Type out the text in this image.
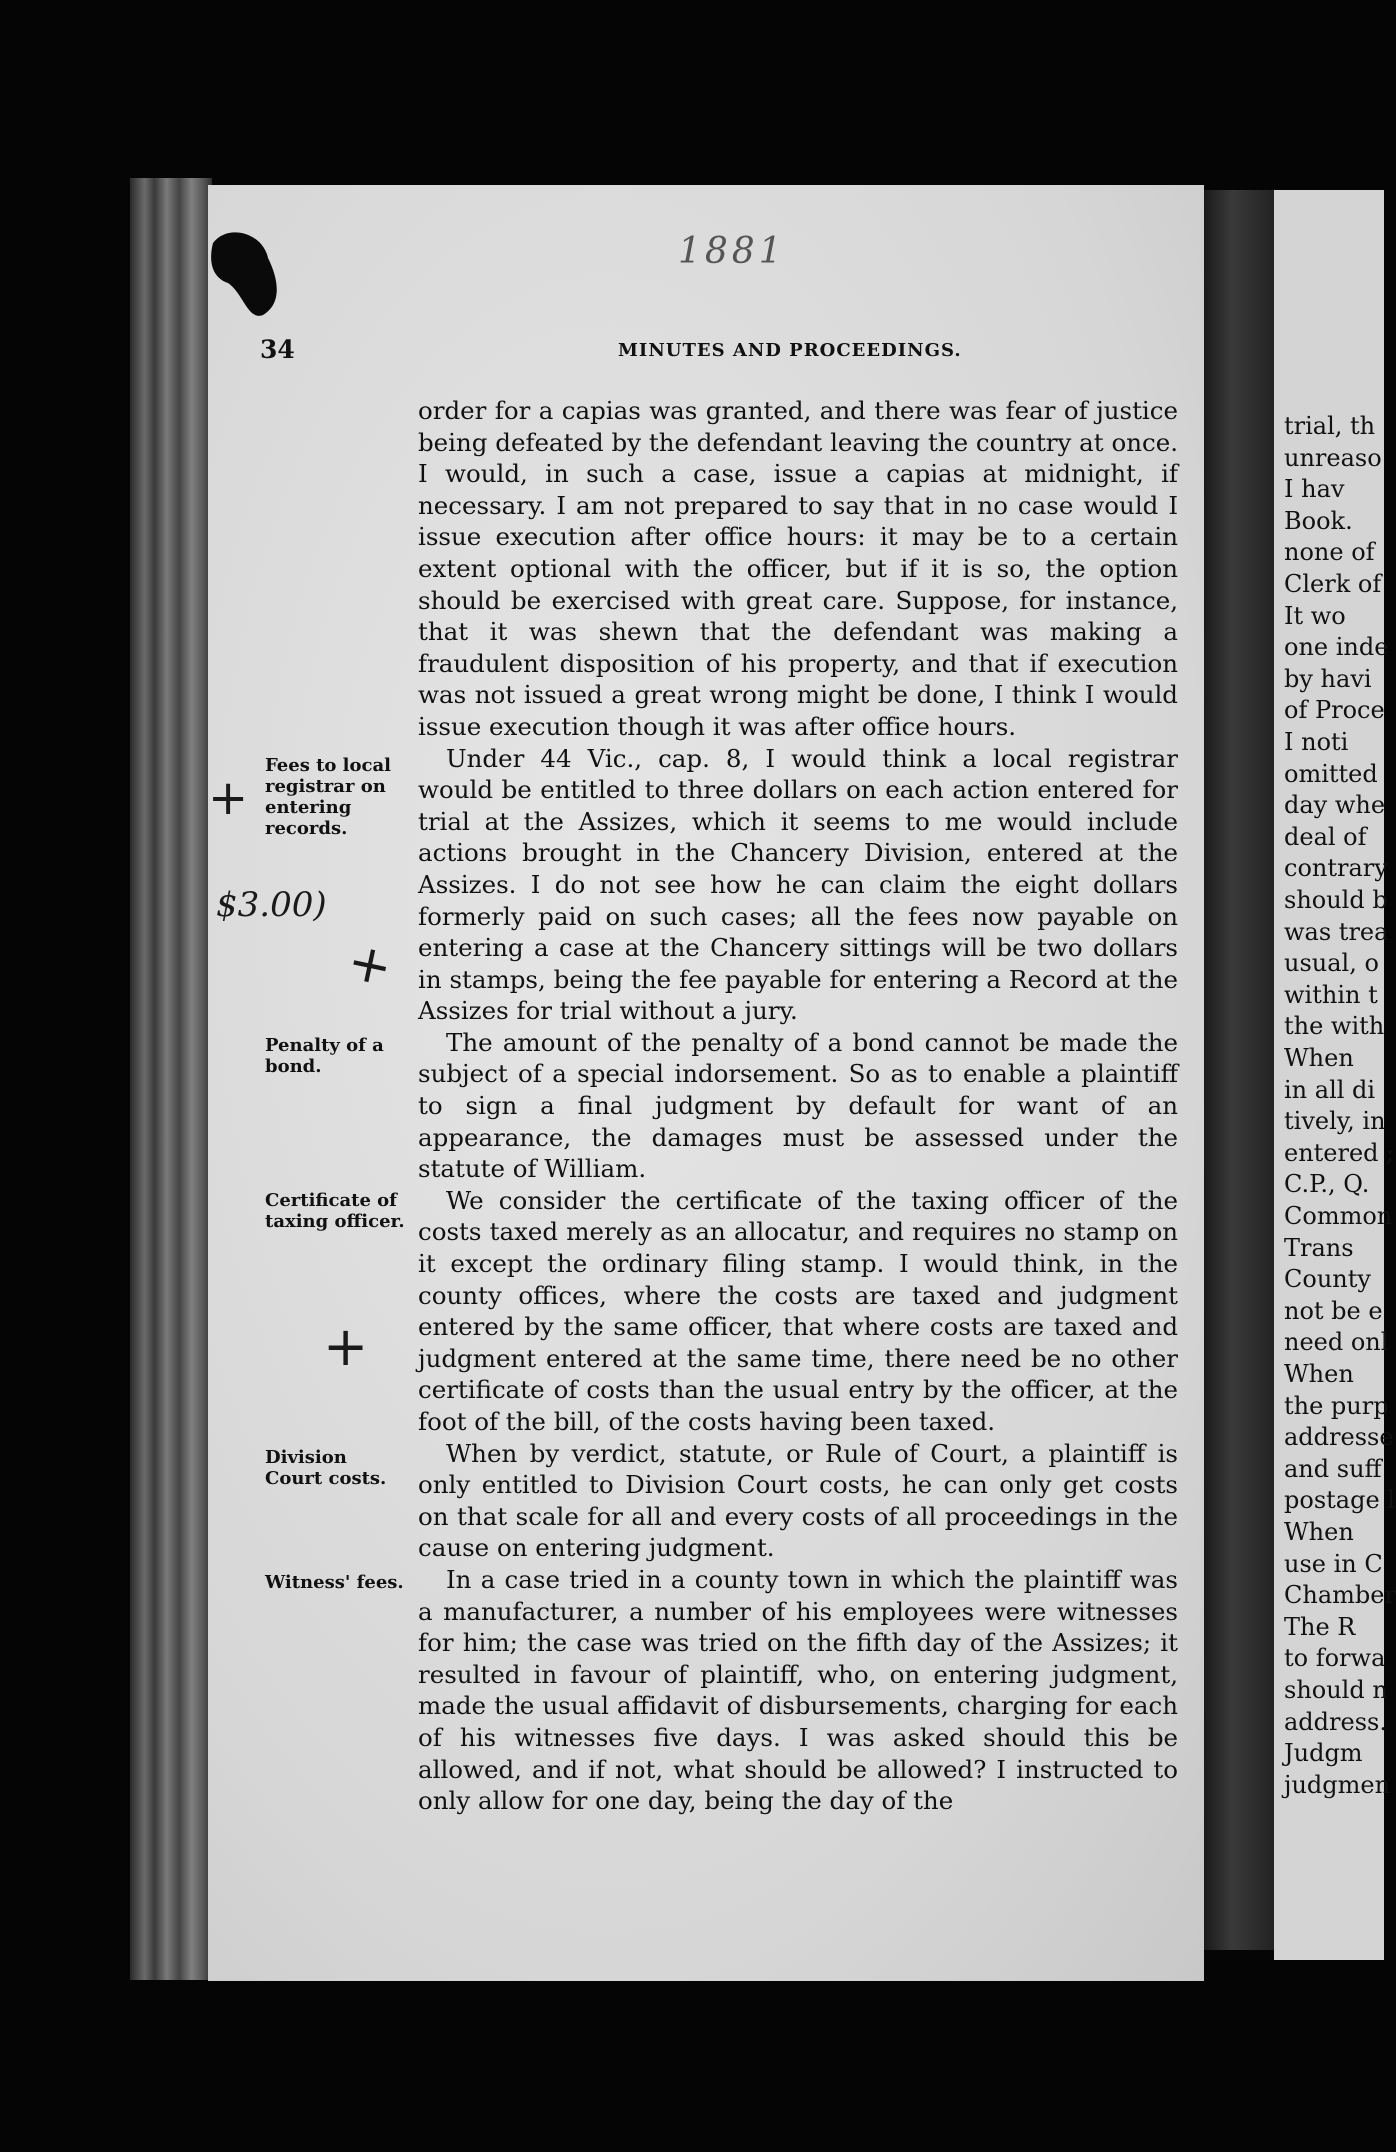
1881
34	MINUTES AND PROCEEDINGS.
Fees to local registrar on entering records.
Penalty of a bond.
Certificate of taxing officer.
Division Court costs.
Witness' fees.
+
$3.00)
+
+

order for a capias was granted, and there was fear of justice being defeated by the defendant leaving the country at once. I would, in such a case, issue a capias at midnight, if necessary. I am not prepared to say that in no case would I issue execution after office hours: it may be to a certain extent optional with the officer, but if it is so, the option should be exercised with great care. Suppose, for instance, that it was shewn that the defendant was making a fraudulent disposition of his property, and that if execution was not issued a great wrong might be done, I think I would issue execution though it was after office hours.

Under 44 Vic., cap. 8, I would think a local registrar would be entitled to three dollars on each action entered for trial at the Assizes, which it seems to me would include actions brought in the Chancery Division, entered at the Assizes. I do not see how he can claim the eight dollars formerly paid on such cases; all the fees now payable on entering a case at the Chancery sittings will be two dollars in stamps, being the fee payable for entering a Record at the Assizes for trial without a jury.

The amount of the penalty of a bond cannot be made the subject of a special indorsement. So as to enable a plaintiff to sign a final judgment by default for want of an appearance, the damages must be assessed under the statute of William.

We consider the certificate of the taxing officer of the costs taxed merely as an allocatur, and requires no stamp on it except the ordinary filing stamp. I would think, in the county offices, where the costs are taxed and judgment entered by the same officer, that where costs are taxed and judgment entered at the same time, there need be no other certificate of costs than the usual entry by the officer, at the foot of the bill, of the costs having been taxed.

When by verdict, statute, or Rule of Court, a plaintiff is only entitled to Division Court costs, he can only get costs on that scale for all and every costs of all proceedings in the cause on entering judgment.

In a case tried in a county town in which the plaintiff was a manufacturer, a number of his employees were witnesses for him; the case was tried on the fifth day of the Assizes; it resulted in favour of plaintiff, who, on entering judgment, made the usual affidavit of disbursements, charging for each of his witnesses five days. I was asked should this be allowed, and if not, what should be allowed? I instructed to only allow for one day, being the day of the

trial, th
unreaso
I hav
Book.
none of
Clerk of
It wo
one inde
by havi
of Proce
I noti
omitted
day whe
deal of
contrary
should b
was trea
usual, o
within t
the with
When
in all di
tively, in
entered ;
C.P., Q.
Common
Trans
County
not be e
need onl
When
the purp
addresse
and suff
postage l
When
use in C
Chamber
The R
to forwa
should n
address.
Judgm
judgmen
